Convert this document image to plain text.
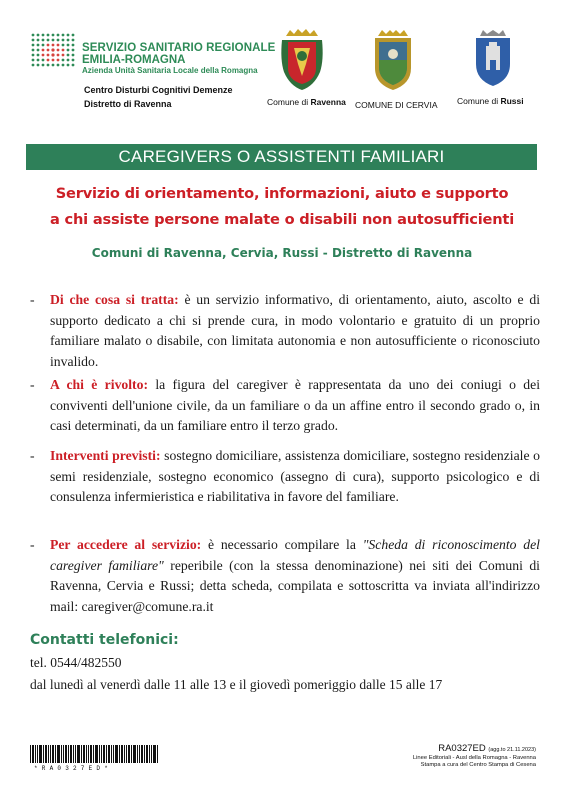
SERVIZIO SANITARIO REGIONALE
EMILIA-ROMAGNA
Azienda Unità Sanitaria Locale della Romagna
Centro Disturbi Cognitivi Demenze
Distretto di Ravenna	Comune di Ravenna COMUNE DI CERVIA Comune di Russi
CAREGIVERS O ASSISTENTI FAMILIARI
Servizio di orientamento, informazioni, aiuto e supporto
a chi assiste persone malate o disabili non autosufficienti
Comuni di Ravenna, Cervia, Russi - Distretto di Ravenna
- Di che cosa si tratta: è un servizio informativo, di orientamento, aiuto, ascolto e di supporto dedicato a chi si prende cura, in modo volontario e gratuito di un proprio familiare malato o disabile, con limitata autonomia e non autosufficiente o riconosciuto invalido.
- A chi è rivolto: la figura del caregiver è rappresentata da uno dei coniugi o dei conviventi dell'unione civile, da un familiare o da un affine entro il secondo grado o, in casi determinati, da un familiare entro il terzo grado.
- Interventi previsti: sostegno domiciliare, assistenza domiciliare, sostegno residenziale o semi residenziale, sostegno economico (assegno di cura), supporto psicologico e di consulenza infermieristica e riabilitativa in favore del familiare.
- Per accedere al servizio: è necessario compilare la "Scheda di riconoscimento del caregiver familiare" reperibile (con la stessa denominazione) nei siti dei Comuni di Ravenna, Cervia e Russi; detta scheda, compilata e sottoscritta va inviata all'indirizzo mail: caregiver@comune.ra.it
Contatti telefonici:
tel. 0544/482550
dal lunedì al venerdì dalle 11 alle 13 e il giovedì pomeriggio dalle 15 alle 17
*RA0327ED*
RA0327ED (agg.to 21.11.2023)
Linee Editoriali - Ausl della Romagna - Ravenna
Stampa a cura del Centro Stampa di Cesena
